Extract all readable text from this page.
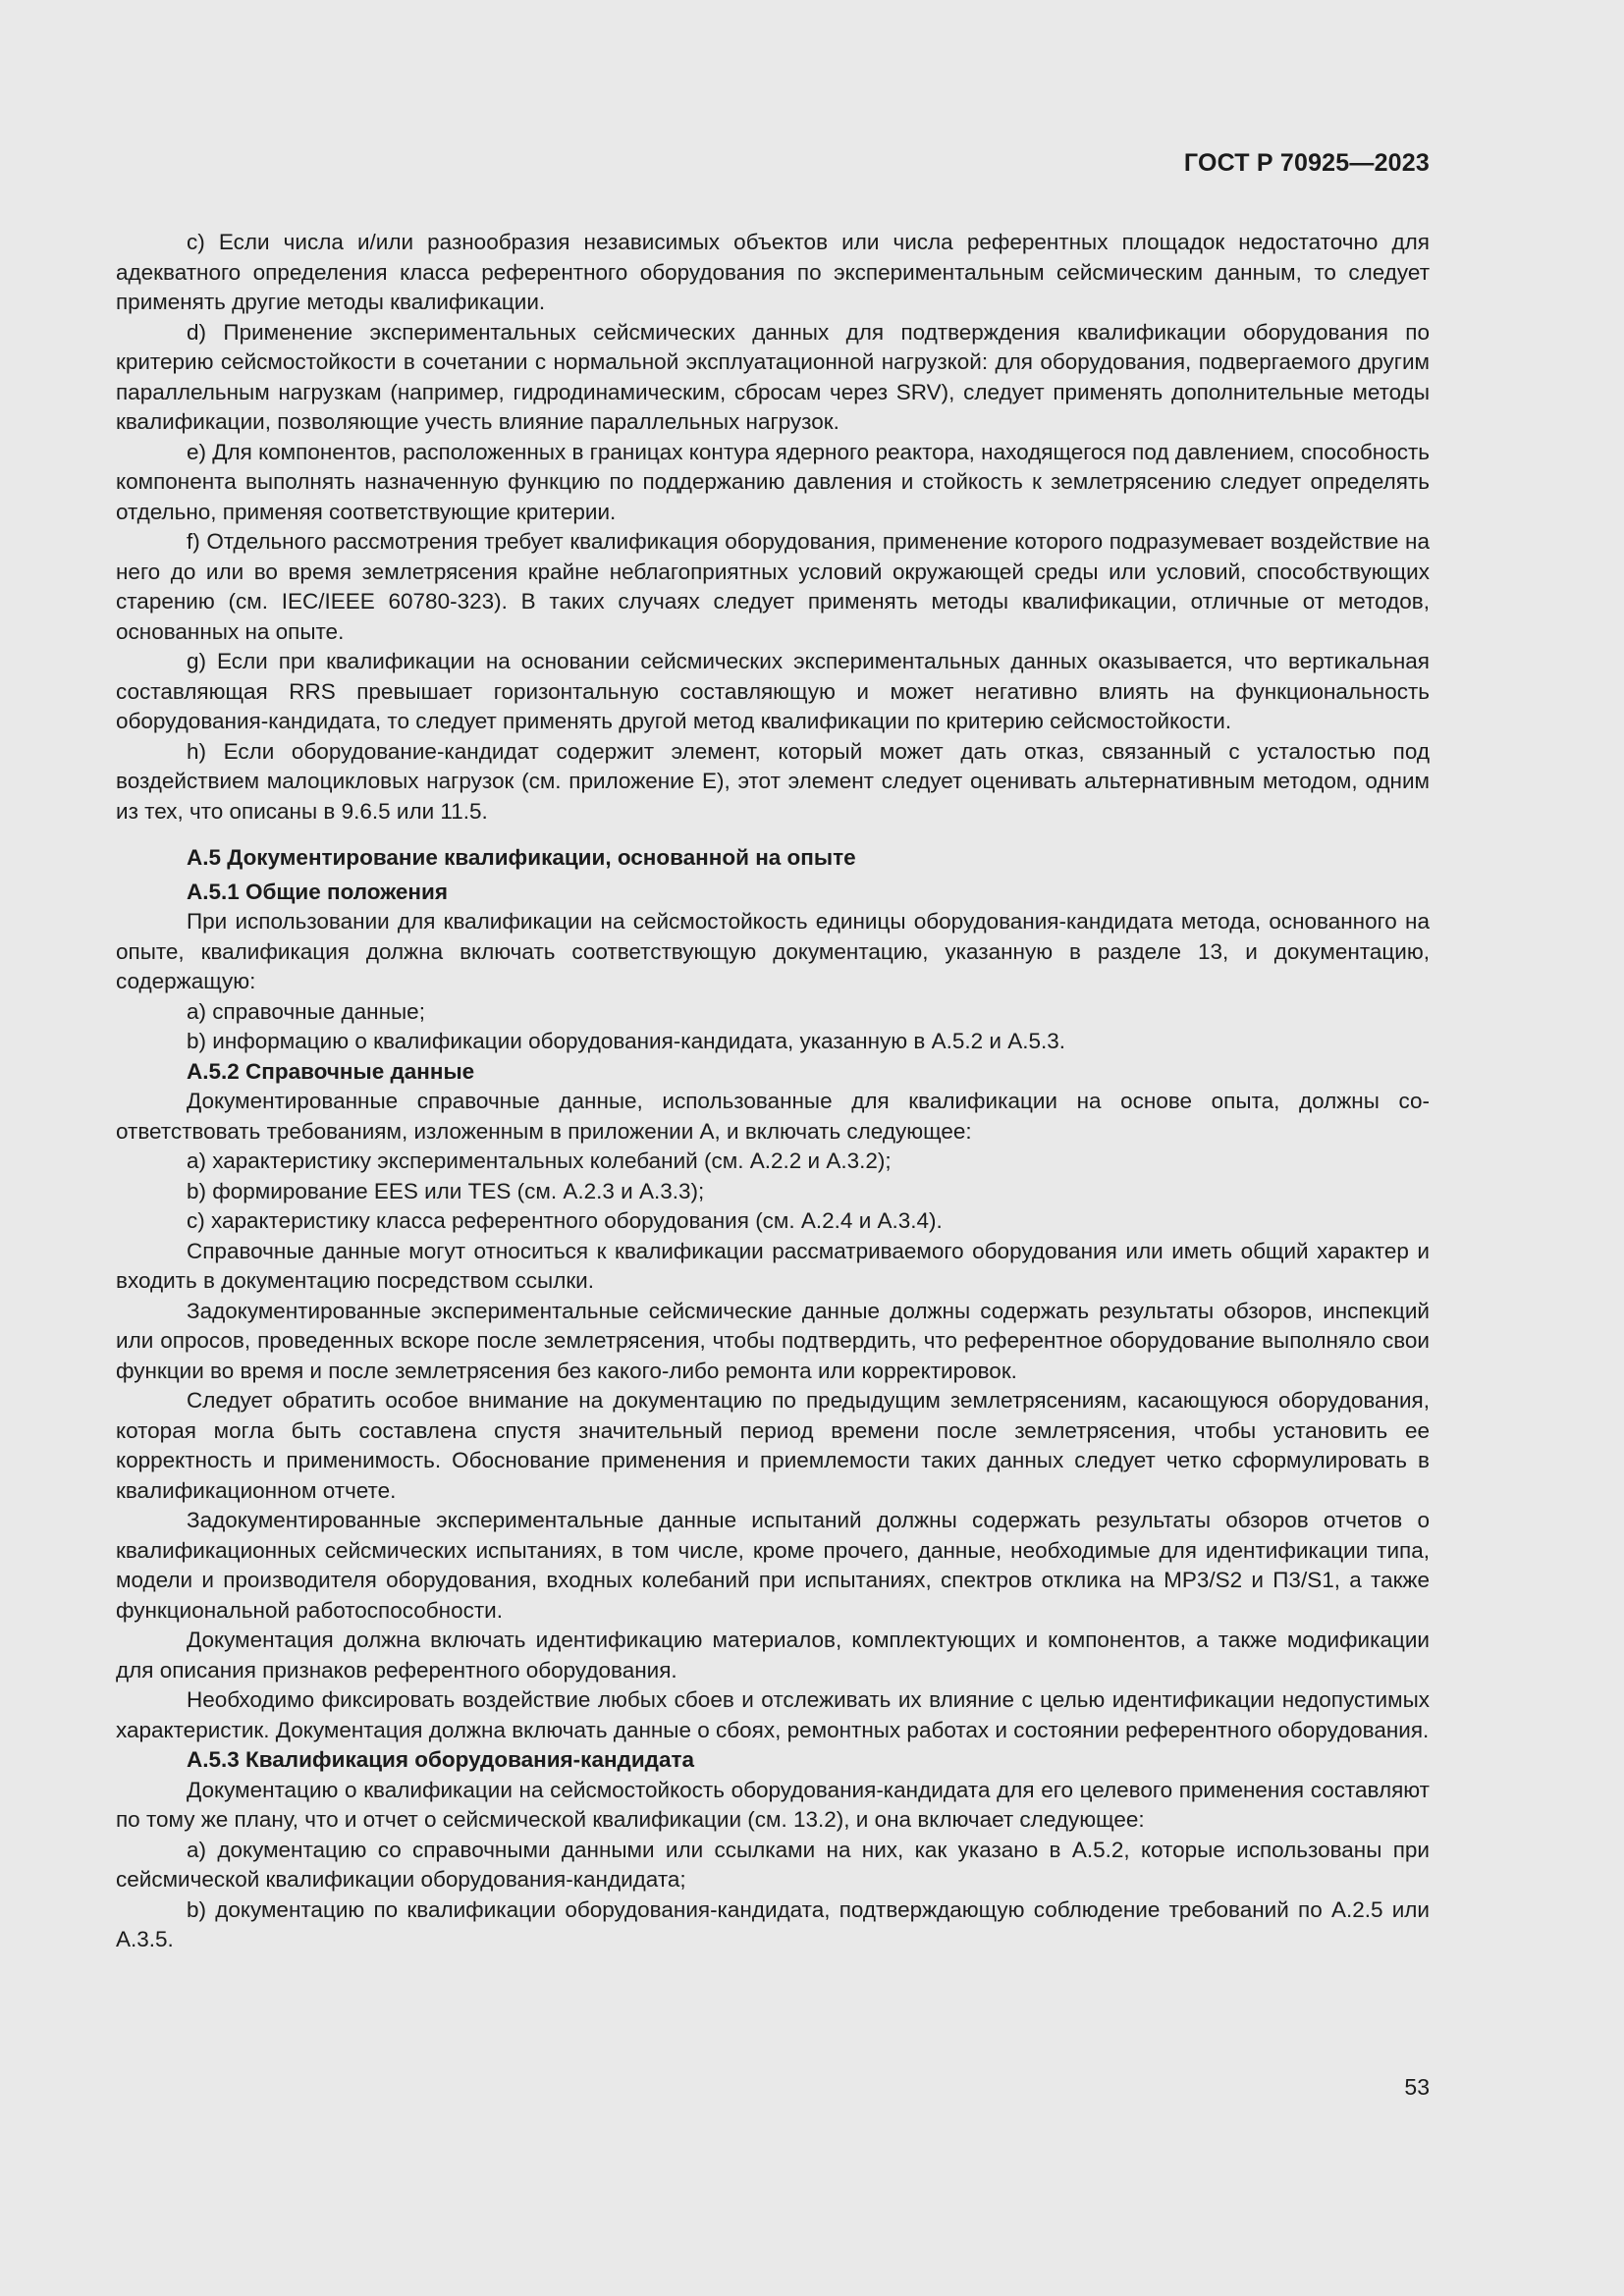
ГОСТ Р 70925—2023

c) Если числа и/или разнообразия независимых объектов или числа референтных площадок недостаточно для адекватного определения класса референтного оборудования по экспериментальным сейсмическим данным, то следует применять другие методы квалификации.

d) Применение экспериментальных сейсмических данных для подтверждения квалификации оборудования по критерию сейсмостойкости в сочетании с нормальной эксплуатационной нагрузкой: для оборудования, подвергаемого другим параллельным нагрузкам (например, гидродинамическим, сбросам через SRV), следует применять дополнительные методы квалификации, позволяющие учесть влияние параллельных нагрузок.

e) Для компонентов, расположенных в границах контура ядерного реактора, находящегося под давлением, способность компонента выполнять назначенную функцию по поддержанию давления и стойкость к землетрясению следует определять отдельно, применяя соответствующие критерии.

f) Отдельного рассмотрения требует квалификация оборудования, применение которого подразумевает воздействие на него до или во время землетрясения крайне неблагоприятных условий окружающей среды или условий, способствующих старению (см. IEC/IEEE 60780-323). В таких случаях следует применять методы квалификации, отличные от методов, основанных на опыте.

g) Если при квалификации на основании сейсмических экспериментальных данных оказывается, что вертикальная составляющая RRS превышает горизонтальную составляющую и может негативно влиять на функциональность оборудования-кандидата, то следует применять другой метод квалификации по критерию сейсмостойкости.

h) Если оборудование-кандидат содержит элемент, который может дать отказ, связанный с усталостью под воздействием малоцикловых нагрузок (см. приложение Е), этот элемент следует оценивать альтернативным методом, одним из тех, что описаны в 9.6.5 или 11.5.

А.5 Документирование квалификации, основанной на опыте

А.5.1 Общие положения

При использовании для квалификации на сейсмостойкость единицы оборудования-кандидата метода, основанного на опыте, квалификация должна включать соответствующую документацию, указанную в разделе 13, и документацию, содержащую:

a) справочные данные;

b) информацию о квалификации оборудования-кандидата, указанную в А.5.2 и А.5.3.

А.5.2 Справочные данные

Документированные справочные данные, использованные для квалификации на основе опыта, должны соответствовать требованиям, изложенным в приложении А, и включать следующее:

a) характеристику экспериментальных колебаний (см. А.2.2 и А.3.2);

b) формирование EES или TES (см. А.2.3 и А.3.3);

c) характеристику класса референтного оборудования (см. А.2.4 и А.3.4).

Справочные данные могут относиться к квалификации рассматриваемого оборудования или иметь общий характер и входить в документацию посредством ссылки.

Задокументированные экспериментальные сейсмические данные должны содержать результаты обзоров, инспекций или опросов, проведенных вскоре после землетрясения, чтобы подтвердить, что референтное оборудование выполняло свои функции во время и после землетрясения без какого-либо ремонта или корректировок.

Следует обратить особое внимание на документацию по предыдущим землетрясениям, касающуюся оборудования, которая могла быть составлена спустя значительный период времени после землетрясения, чтобы установить ее корректность и применимость. Обоснование применения и приемлемости таких данных следует четко сформулировать в квалификационном отчете.

Задокументированные экспериментальные данные испытаний должны содержать результаты обзоров отчетов о квалификационных сейсмических испытаниях, в том числе, кроме прочего, данные, необходимые для идентификации типа, модели и производителя оборудования, входных колебаний при испытаниях, спектров отклика на МР3/S2 и П3/S1, а также функциональной работоспособности.

Документация должна включать идентификацию материалов, комплектующих и компонентов, а также модификации для описания признаков референтного оборудования.

Необходимо фиксировать воздействие любых сбоев и отслеживать их влияние с целью идентификации недопустимых характеристик. Документация должна включать данные о сбоях, ремонтных работах и состоянии референтного оборудования.

А.5.3 Квалификация оборудования-кандидата

Документацию о квалификации на сейсмостойкость оборудования-кандидата для его целевого применения составляют по тому же плану, что и отчет о сейсмической квалификации (см. 13.2), и она включает следующее:

a) документацию со справочными данными или ссылками на них, как указано в А.5.2, которые использованы при сейсмической квалификации оборудования-кандидата;

b) документацию по квалификации оборудования-кандидата, подтверждающую соблюдение требований по А.2.5 или А.3.5.

53
